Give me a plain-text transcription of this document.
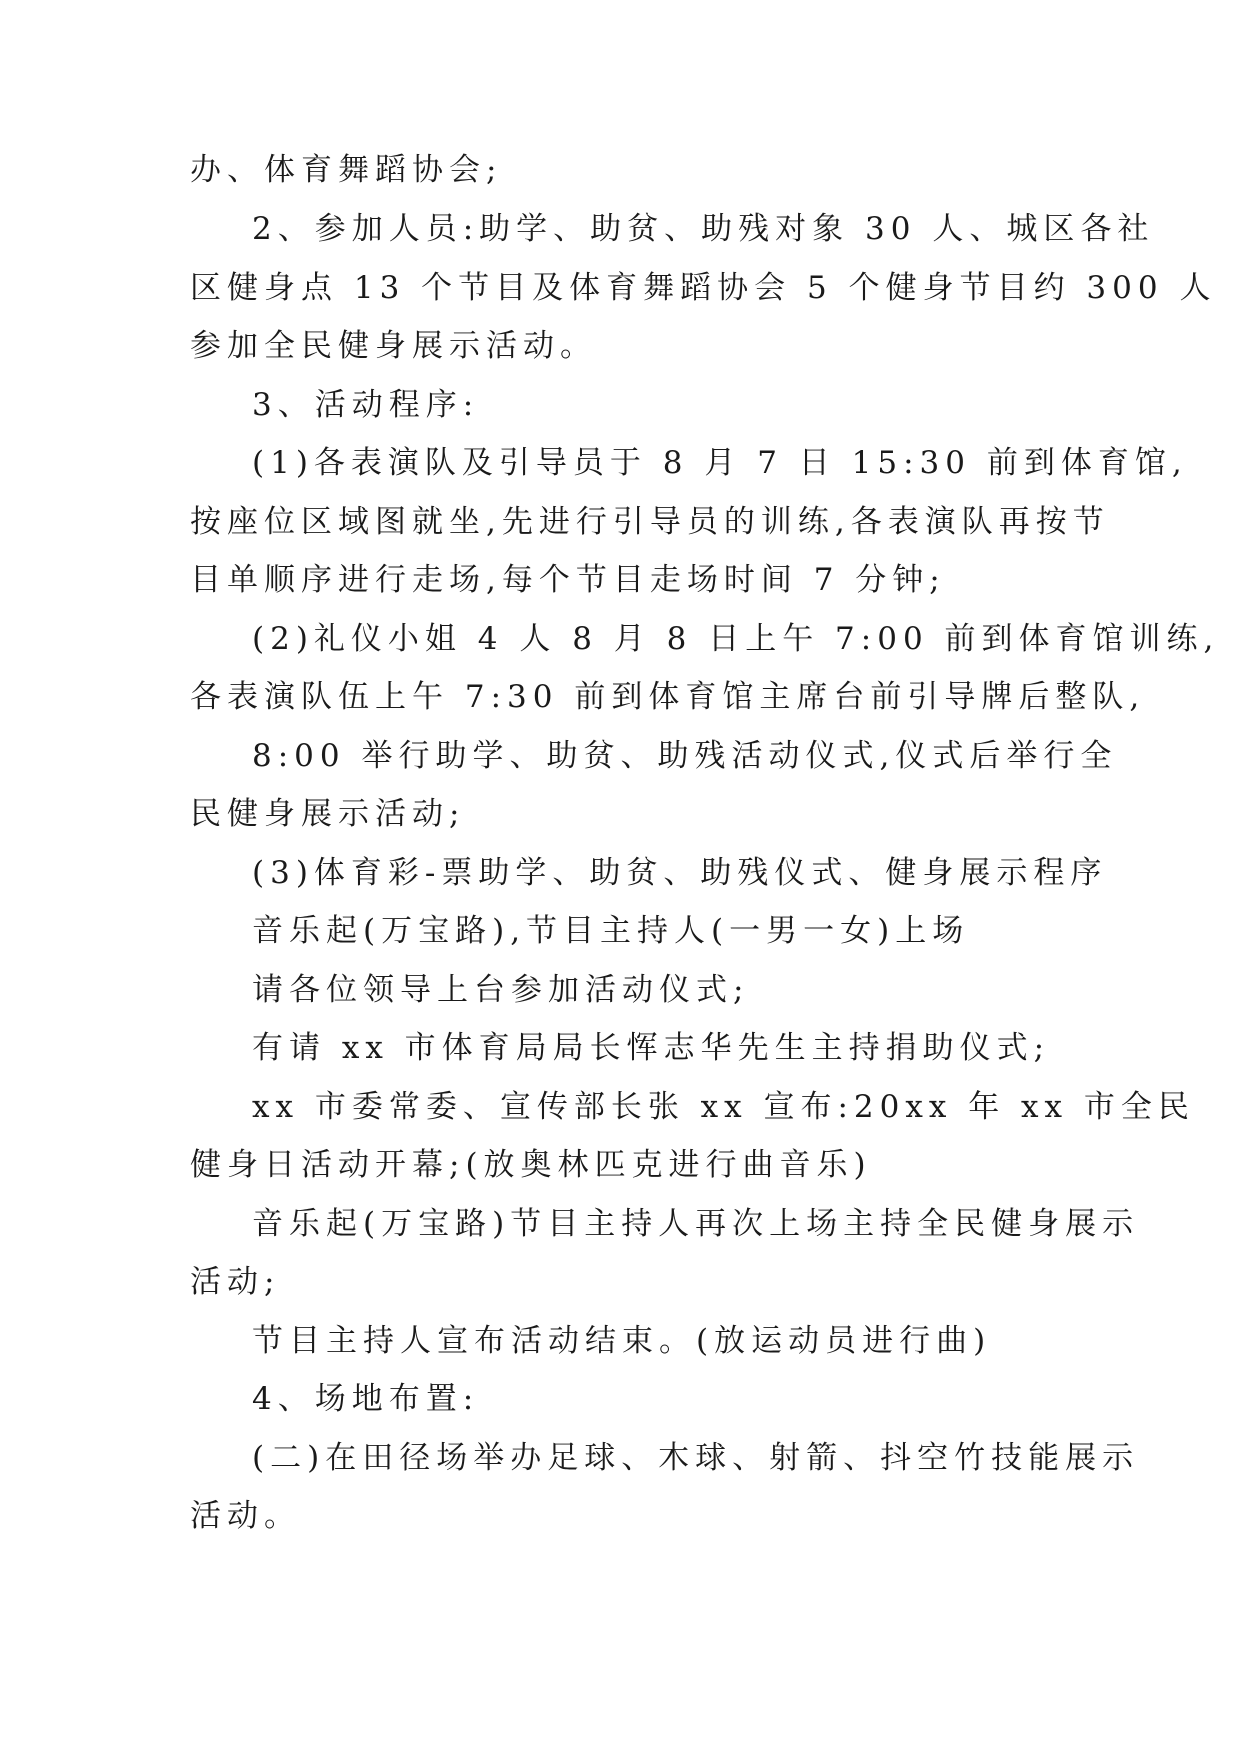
办、体育舞蹈协会;
2、参加人员:助学、助贫、助残对象 30 人、城区各社
区健身点 13 个节目及体育舞蹈协会 5 个健身节目约 300 人
参加全民健身展示活动。
3、活动程序:
(1)各表演队及引导员于 8 月 7 日 15:30 前到体育馆,
按座位区域图就坐,先进行引导员的训练,各表演队再按节
目单顺序进行走场,每个节目走场时间 7 分钟;
(2)礼仪小姐 4 人 8 月 8 日上午 7:00 前到体育馆训练,
各表演队伍上午 7:30 前到体育馆主席台前引导牌后整队,
8:00 举行助学、助贫、助残活动仪式,仪式后举行全
民健身展示活动;
(3)体育彩-票助学、助贫、助残仪式、健身展示程序
音乐起(万宝路),节目主持人(一男一女)上场
请各位领导上台参加活动仪式;
有请 xx 市体育局局长恽志华先生主持捐助仪式;
xx 市委常委、宣传部长张 xx 宣布:20xx 年 xx 市全民
健身日活动开幕;(放奥林匹克进行曲音乐)
音乐起(万宝路)节目主持人再次上场主持全民健身展示
活动;
节目主持人宣布活动结束。(放运动员进行曲)
4、场地布置:
(二)在田径场举办足球、木球、射箭、抖空竹技能展示
活动。
